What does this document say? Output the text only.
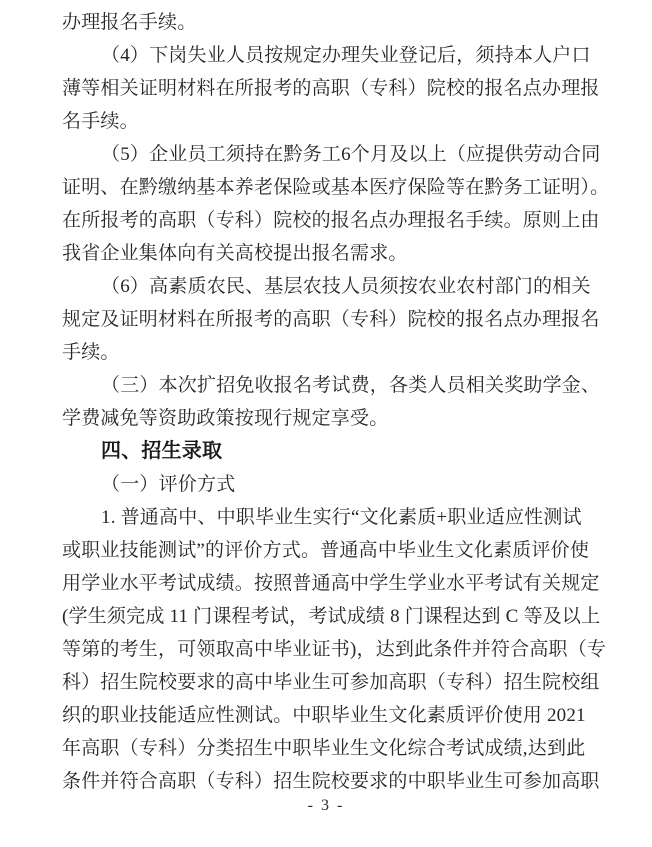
办理报名手续。
（4）下岗失业人员按规定办理失业登记后，须持本人户口
薄等相关证明材料在所报考的高职（专科）院校的报名点办理报
名手续。
（5）企业员工须持在黔务工6个月及以上（应提供劳动合同
证明、在黔缴纳基本养老保险或基本医疗保险等在黔务工证明）。
在所报考的高职（专科）院校的报名点办理报名手续。原则上由
我省企业集体向有关高校提出报名需求。
（6）高素质农民、基层农技人员须按农业农村部门的相关
规定及证明材料在所报考的高职（专科）院校的报名点办理报名
手续。
（三）本次扩招免收报名考试费，各类人员相关奖助学金、
学费减免等资助政策按现行规定享受。
四、招生录取
（一）评价方式
1. 普通高中、中职毕业生实行“文化素质+职业适应性测试
或职业技能测试”的评价方式。普通高中毕业生文化素质评价使
用学业水平考试成绩。按照普通高中学生学业水平考试有关规定
(学生须完成 11 门课程考试，考试成绩 8 门课程达到 C 等及以上
等第的考生，可领取高中毕业证书)，达到此条件并符合高职（专
科）招生院校要求的高中毕业生可参加高职（专科）招生院校组
织的职业技能适应性测试。中职毕业生文化素质评价使用 2021
年高职（专科）分类招生中职毕业生文化综合考试成绩,达到此
条件并符合高职（专科）招生院校要求的中职毕业生可参加高职
- 3 -
